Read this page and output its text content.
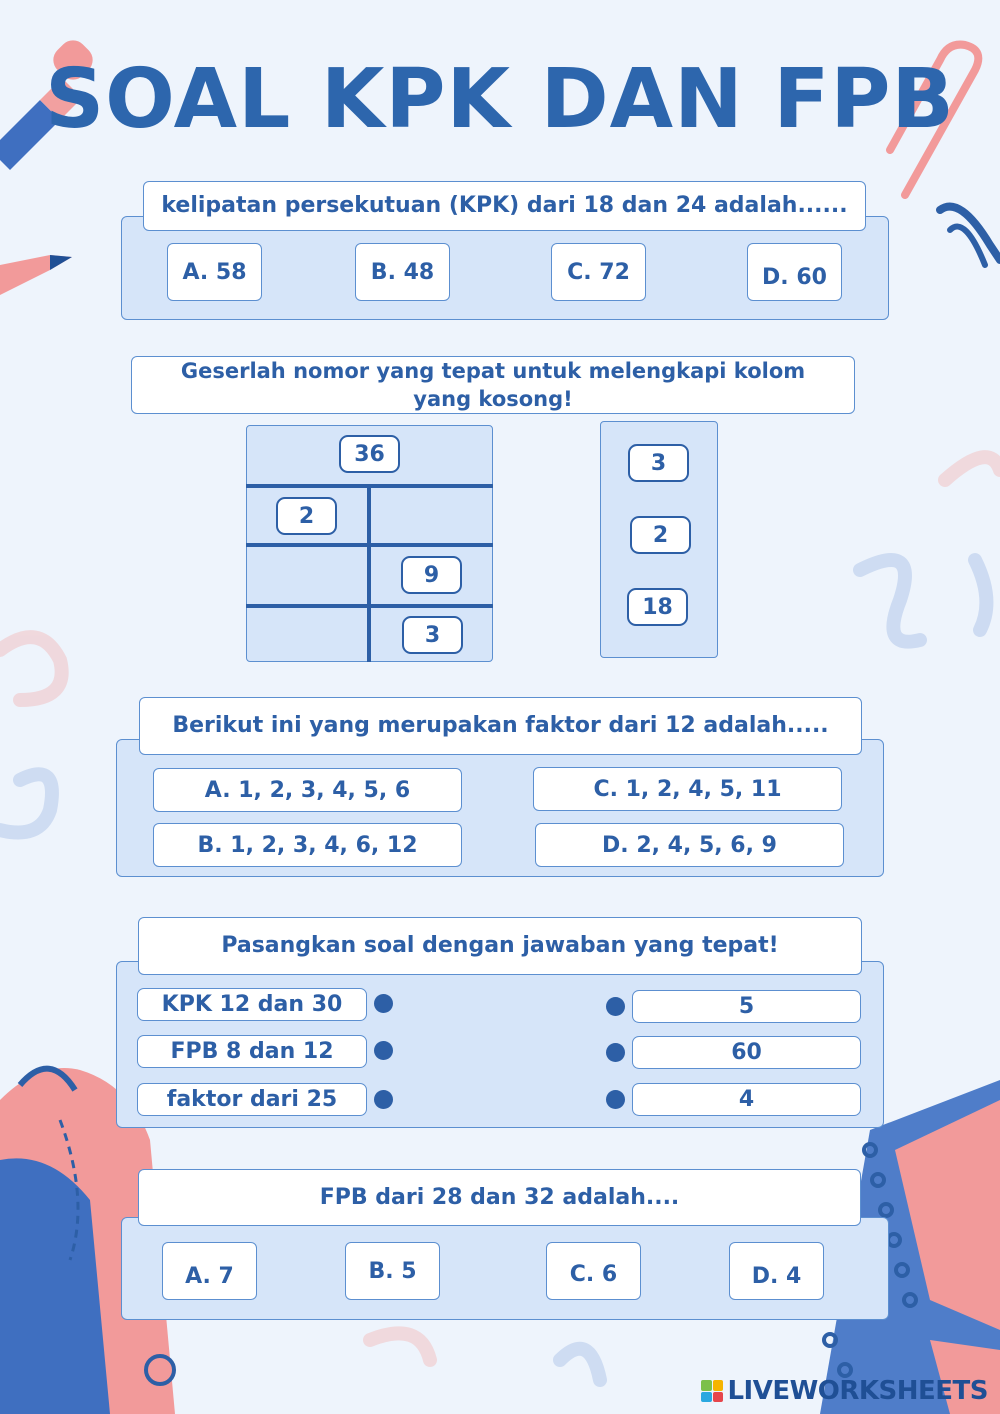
SOAL KPK DAN FPB
kelipatan persekutuan (KPK) dari 18 dan 24 adalah......
A. 58	B. 48	C. 72	D. 60
Geserlah nomor yang tepat untuk melengkapi kolom yang kosong!
36
2
9
3
3
2
18
Berikut ini yang merupakan faktor dari 12 adalah.....
A. 1, 2, 3, 4, 5, 6	C. 1, 2, 4, 5, 11
B. 1, 2, 3, 4, 6, 12	D. 2, 4, 5, 6, 9
Pasangkan soal dengan jawaban yang tepat!
KPK 12 dan 30
FPB 8 dan 12
faktor dari 25
5
60
4
FPB dari 28 dan 32 adalah....
A. 7	B. 5	C. 6	D. 4
LIVEWORKSHEETS
